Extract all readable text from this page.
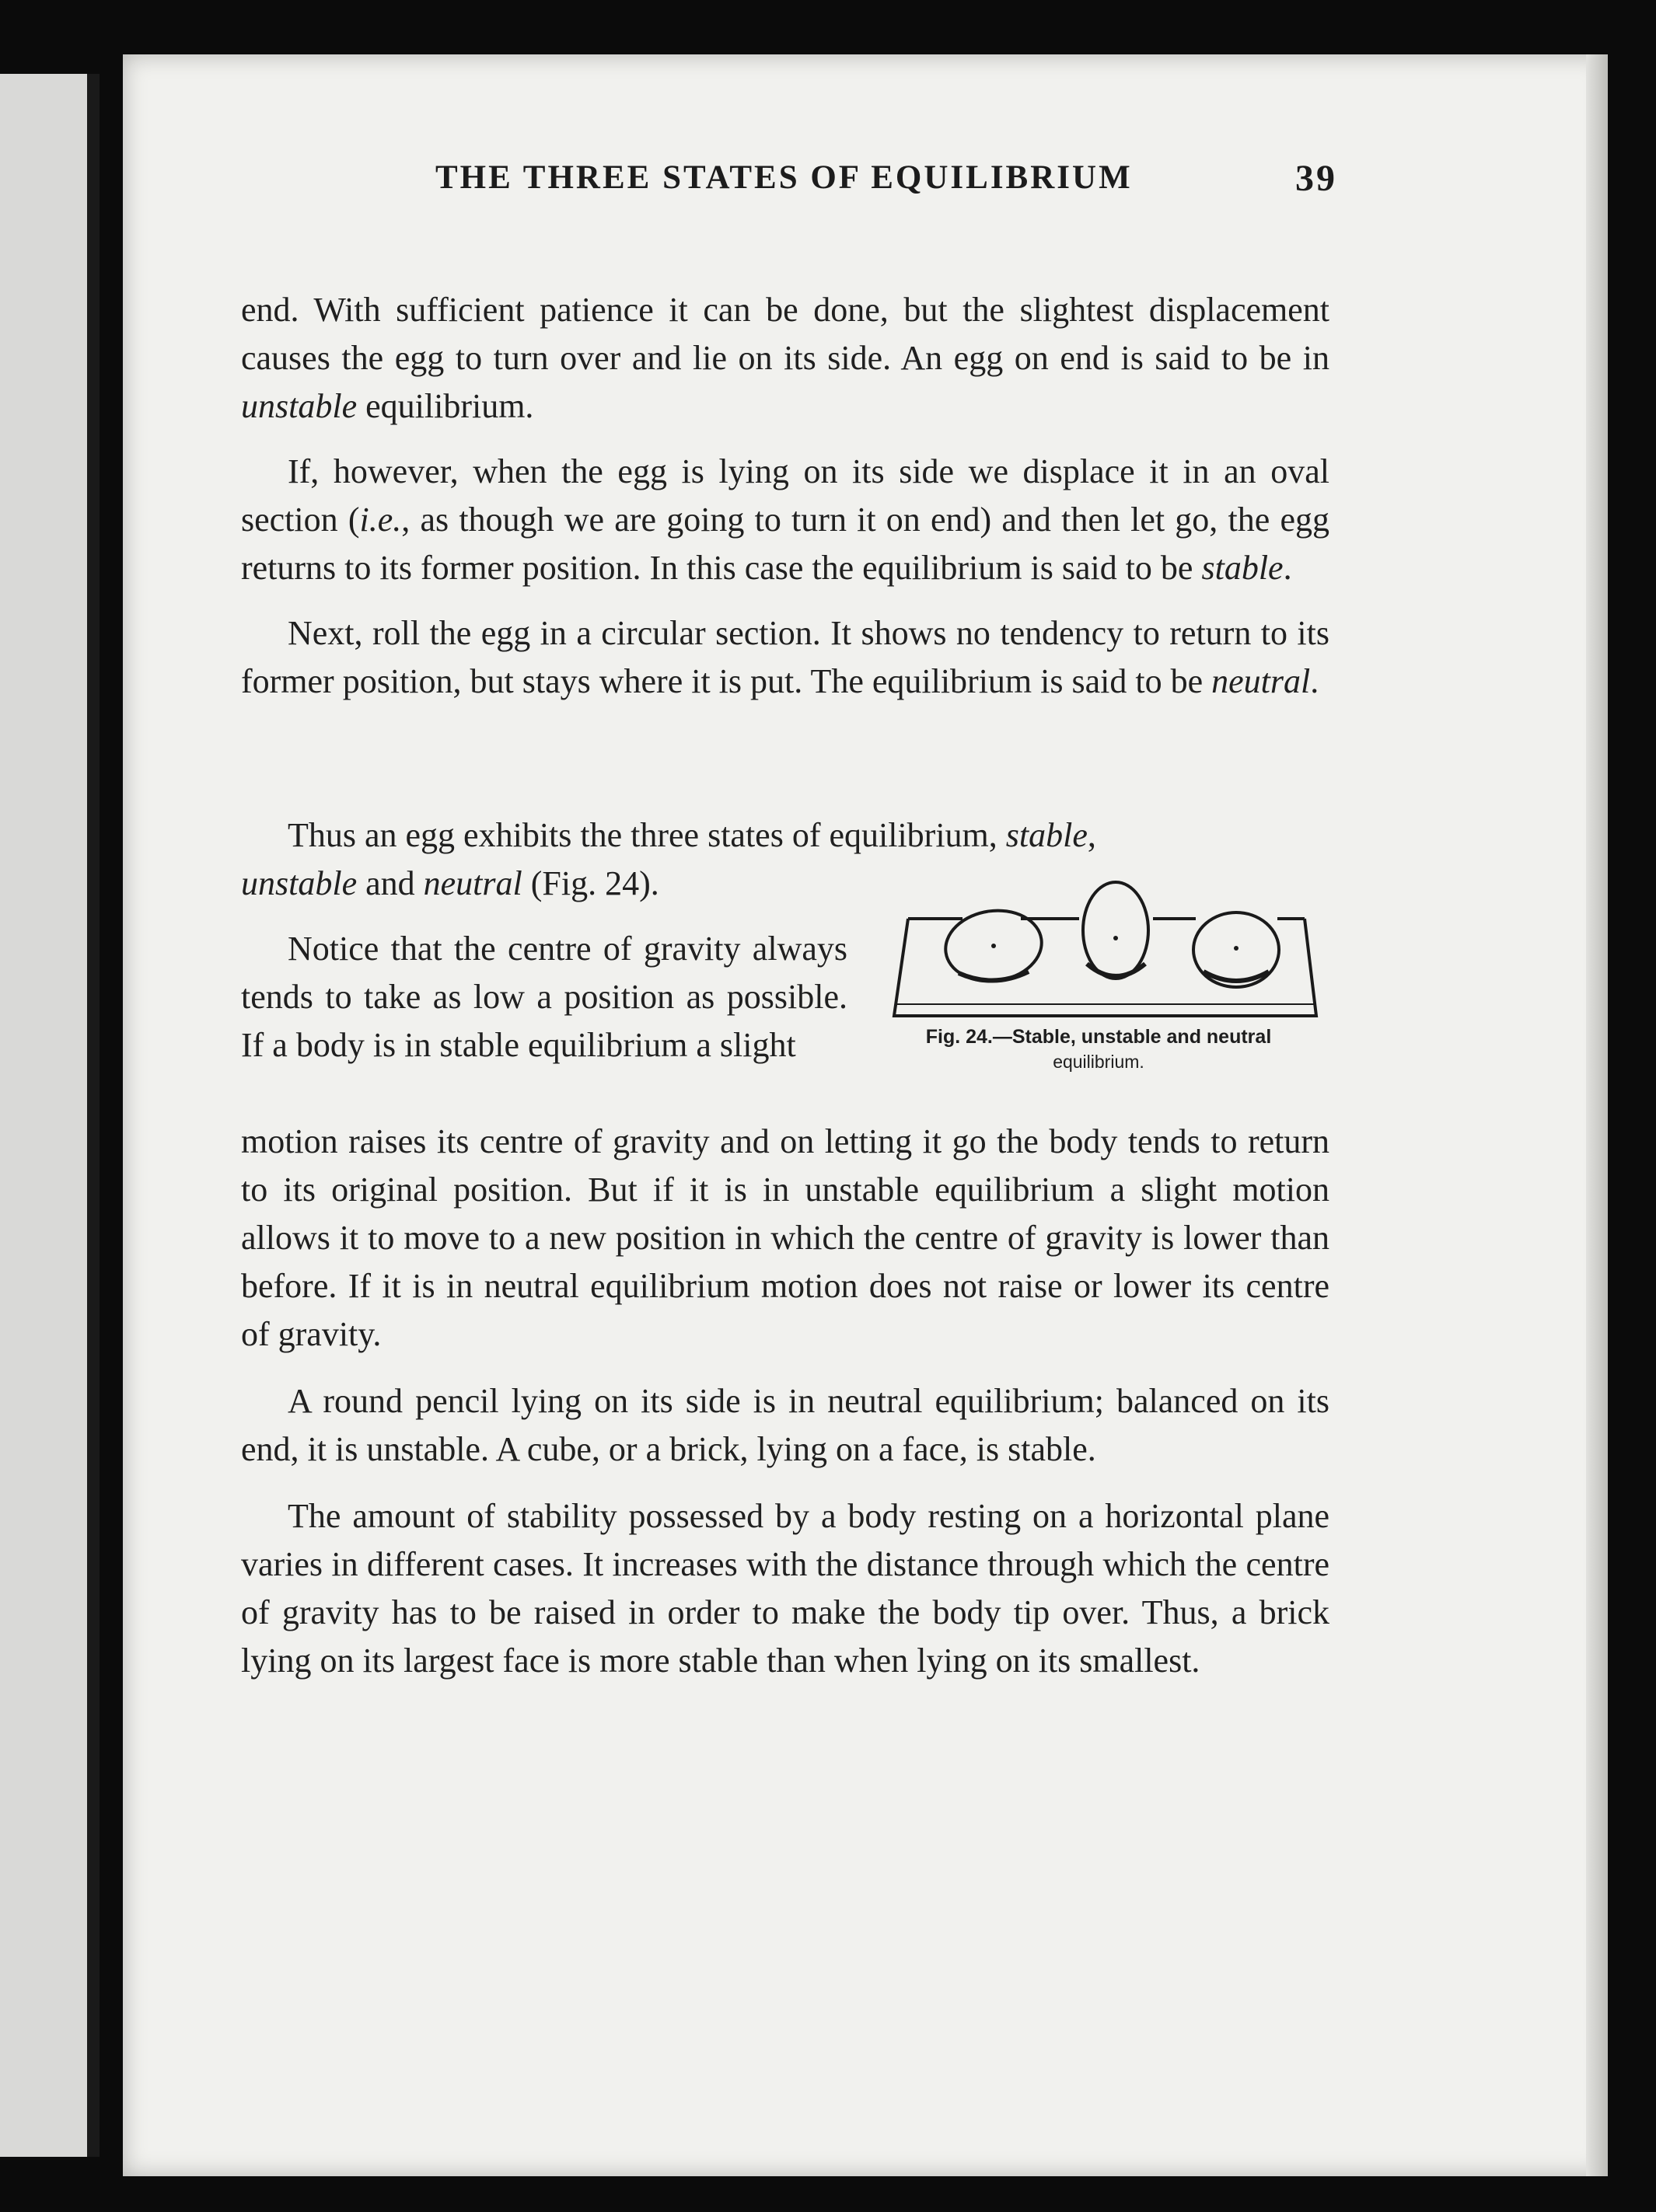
THE THREE STATES OF EQUILIBRIUM	39

end. With sufficient patience it can be done, but the slightest displacement causes the egg to turn over and lie on its side. An egg on end is said to be in unstable equilibrium.

If, however, when the egg is lying on its side we displace it in an oval section (i.e., as though we are going to turn it on end) and then let go, the egg returns to its former position. In this case the equilibrium is said to be stable.

Next, roll the egg in a circular section. It shows no tendency to return to its former position, but stays where it is put. The equilibrium is said to be neutral.

Thus an egg exhibits the three states of equilibrium, stable,
unstable and neutral (Fig. 24).

Notice that the centre of gravity always tends to take as low a position as possible. If a body is in stable equilibrium a slight

motion raises its centre of gravity and on letting it go the body tends to return to its original position. But if it is in unstable equilibrium a slight motion allows it to move to a new position in which the centre of gravity is lower than before. If it is in neutral equilibrium motion does not raise or lower its centre of gravity.

A round pencil lying on its side is in neutral equilibrium; balanced on its end, it is unstable. A cube, or a brick, lying on a face, is stable.

The amount of stability possessed by a body resting on a horizontal plane varies in different cases. It increases with the distance through which the centre of gravity has to be raised in order to make the body tip over. Thus, a brick lying on its largest face is more stable than when lying on its smallest.

Fig. 24.—Stable, unstable and neutral
equilibrium.
